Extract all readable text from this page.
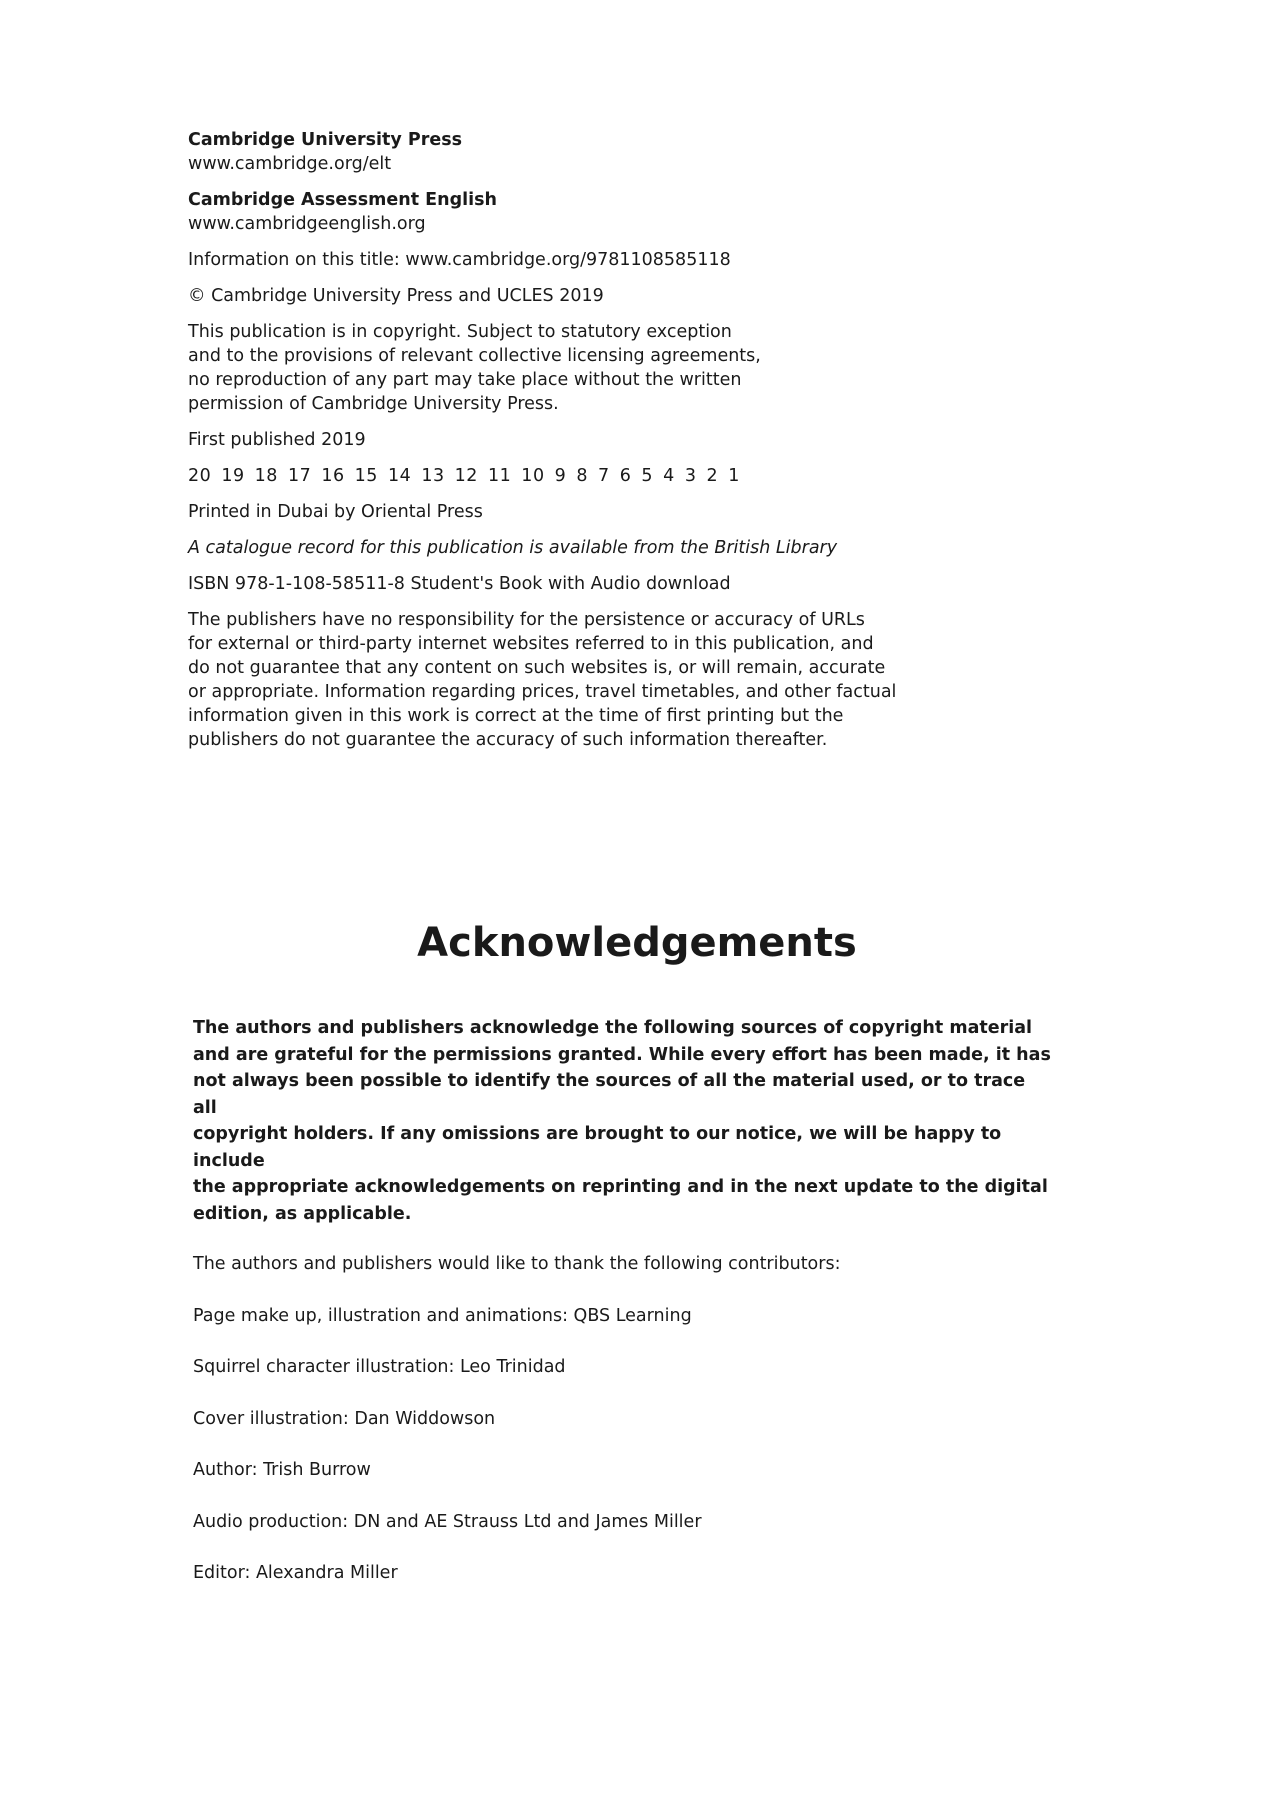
Cambridge University Press
www.cambridge.org/elt
Cambridge Assessment English
www.cambridgeenglish.org

Information on this title: www.cambridge.org/9781108585118

© Cambridge University Press and UCLES 2019

This publication is in copyright. Subject to statutory exception
and to the provisions of relevant collective licensing agreements,
no reproduction of any part may take place without the written
permission of Cambridge University Press.

First published 2019

20 19 18 17 16 15 14 13 12 11 10 9 8 7 6 5 4 3 2 1

Printed in Dubai by Oriental Press

A catalogue record for this publication is available from the British Library

ISBN 978-1-108-58511-8 Student's Book with Audio download

The publishers have no responsibility for the persistence or accuracy of URLs
for external or third-party internet websites referred to in this publication, and
do not guarantee that any content on such websites is, or will remain, accurate
or appropriate. Information regarding prices, travel timetables, and other factual
information given in this work is correct at the time of first printing but the
publishers do not guarantee the accuracy of such information thereafter.

Acknowledgements

The authors and publishers acknowledge the following sources of copyright material
and are grateful for the permissions granted. While every effort has been made, it has
not always been possible to identify the sources of all the material used, or to trace all
copyright holders. If any omissions are brought to our notice, we will be happy to include
the appropriate acknowledgements on reprinting and in the next update to the digital
edition, as applicable.

The authors and publishers would like to thank the following contributors:

Page make up, illustration and animations: QBS Learning

Squirrel character illustration: Leo Trinidad

Cover illustration: Dan Widdowson

Author: Trish Burrow

Audio production: DN and AE Strauss Ltd and James Miller

Editor: Alexandra Miller
